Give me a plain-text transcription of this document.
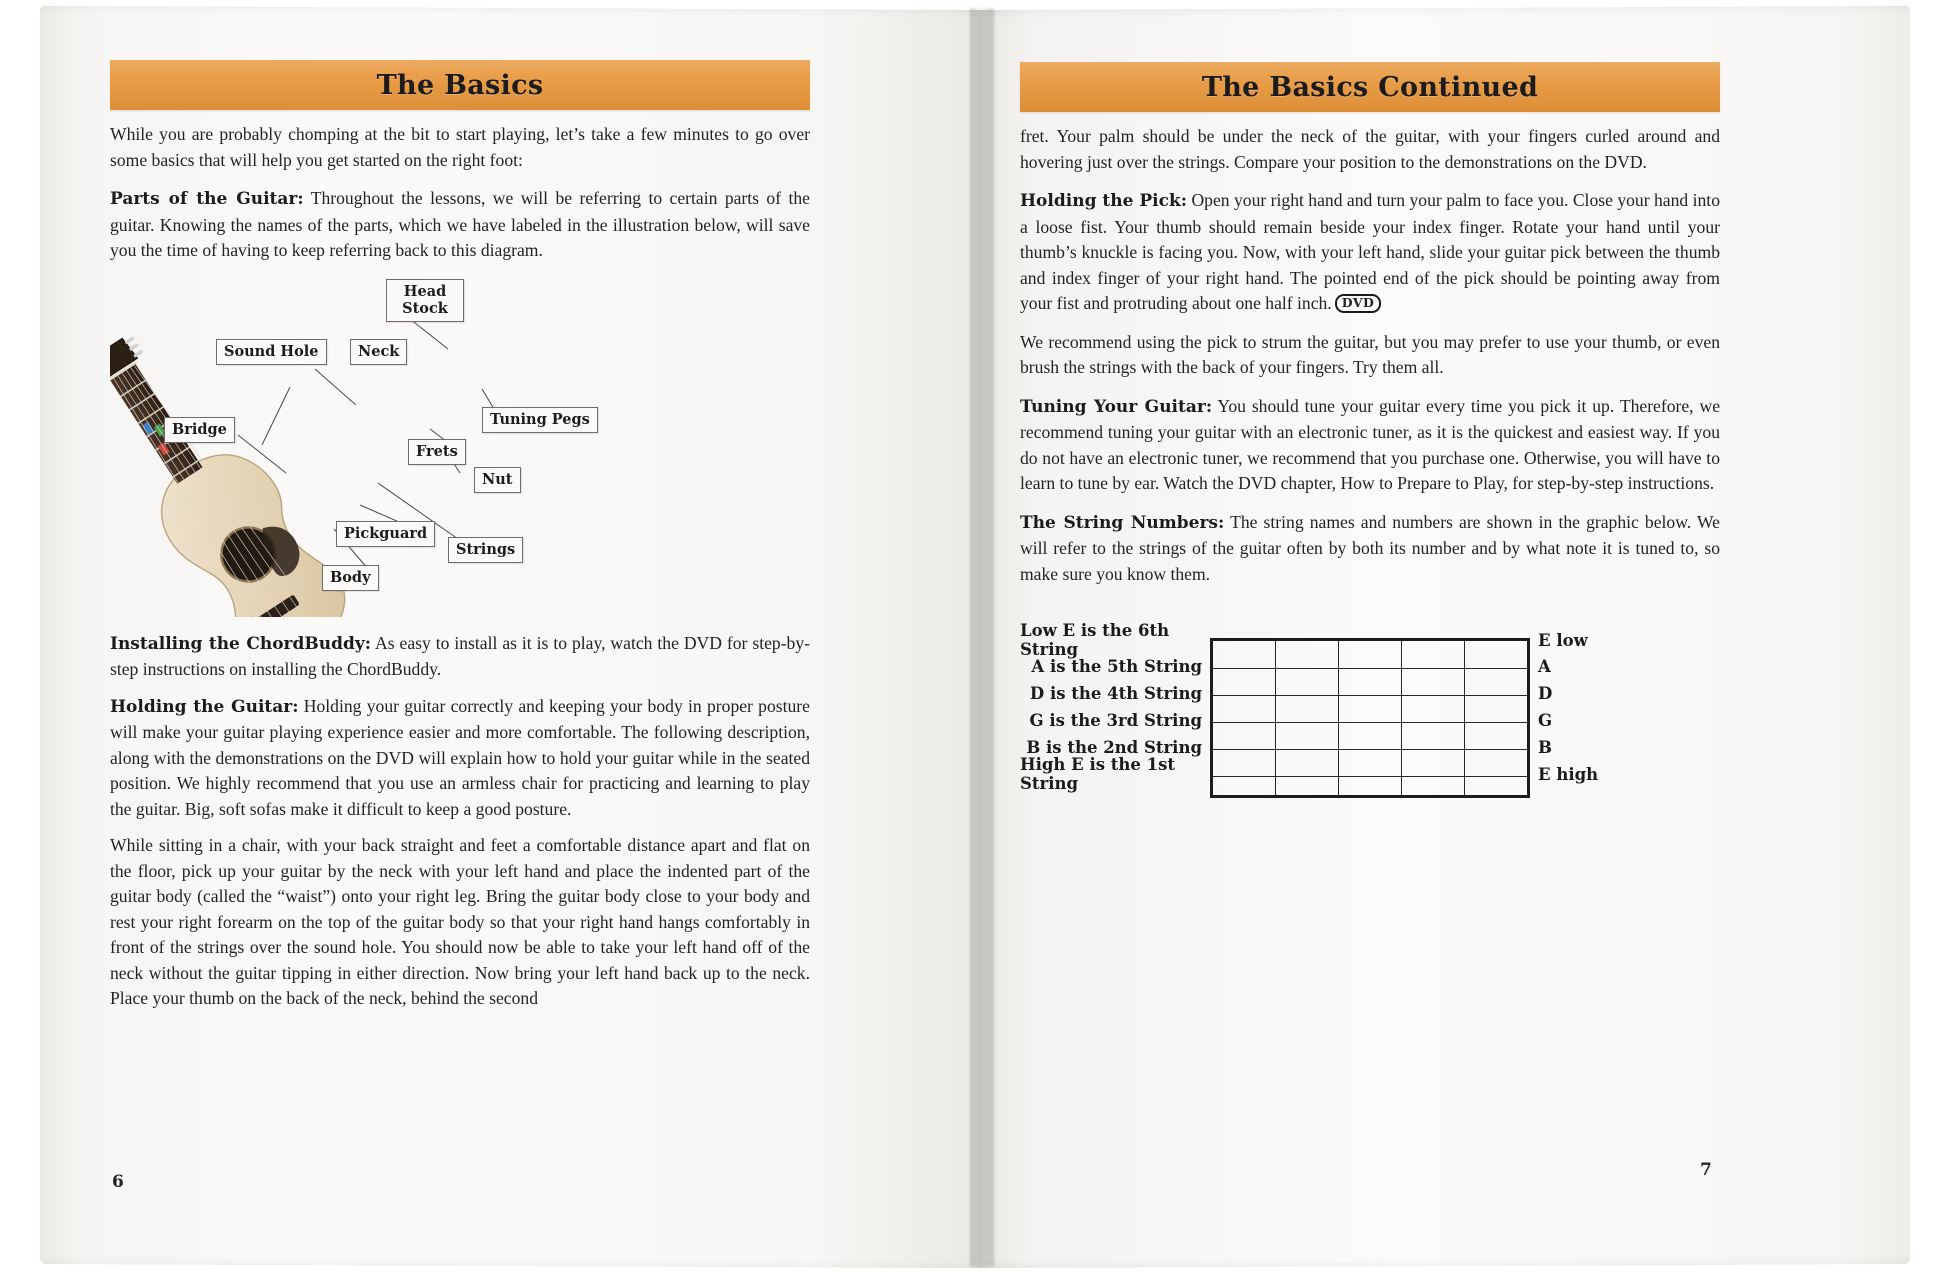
The Basics

While you are probably chomping at the bit to start playing, let’s take a few minutes to go over some basics that will help you get started on the right foot:

Parts of the Guitar: Throughout the lessons, we will be referring to certain parts of the guitar. Knowing the names of the parts, which we have labeled in the illustration below, will save you the time of having to keep referring back to this diagram.

Head
Stock
Sound Hole	Neck
Tuning Pegs
Bridge
Frets
Nut
Pickguard
Strings
Body

Installing the ChordBuddy: As easy to install as it is to play, watch the DVD for step-by-step instructions on installing the ChordBuddy.

Holding the Guitar: Holding your guitar correctly and keeping your body in proper posture will make your guitar playing experience easier and more comfortable. The following description, along with the demonstrations on the DVD will explain how to hold your guitar while in the seated position. We highly recommend that you use an armless chair for practicing and learning to play the guitar. Big, soft sofas make it difficult to keep a good posture.

While sitting in a chair, with your back straight and feet a comfortable distance apart and flat on the floor, pick up your guitar by the neck with your left hand and place the indented part of the guitar body (called the “waist”) onto your right leg. Bring the guitar body close to your body and rest your right forearm on the top of the guitar body so that your right hand hangs comfortably in front of the strings over the sound hole. You should now be able to take your left hand off of the neck without the guitar tipping in either direction. Now bring your left hand back up to the neck. Place your thumb on the back of the neck, behind the second

6
The Basics Continued

fret. Your palm should be under the neck of the guitar, with your fingers curled around and hovering just over the strings. Compare your position to the demonstrations on the DVD.

Holding the Pick: Open your right hand and turn your palm to face you. Close your hand into a loose fist. Your thumb should remain beside your index finger. Rotate your hand until your thumb’s knuckle is facing you. Now, with your left hand, slide your guitar pick between the thumb and index finger of your right hand. The pointed end of the pick should be pointing away from your fist and protruding about one half inch. DVD

We recommend using the pick to strum the guitar, but you may prefer to use your thumb, or even brush the strings with the back of your fingers. Try them all.

Tuning Your Guitar: You should tune your guitar every time you pick it up. Therefore, we recommend tuning your guitar with an electronic tuner, as it is the quickest and easiest way. If you do not have an electronic tuner, we recommend that you purchase one. Otherwise, you will have to learn to tune by ear. Watch the DVD chapter, How to Prepare to Play, for step-by-step instructions.

The String Numbers: The string names and numbers are shown in the graphic below. We will refer to the strings of the guitar often by both its number and by what note it is tuned to, so make sure you know them.

Low E is the 6th String	E low
A is the 5th String	A
D is the 4th String	D
G is the 3rd String	G
B is the 2nd String	B
High E is the 1st String	E high
7
